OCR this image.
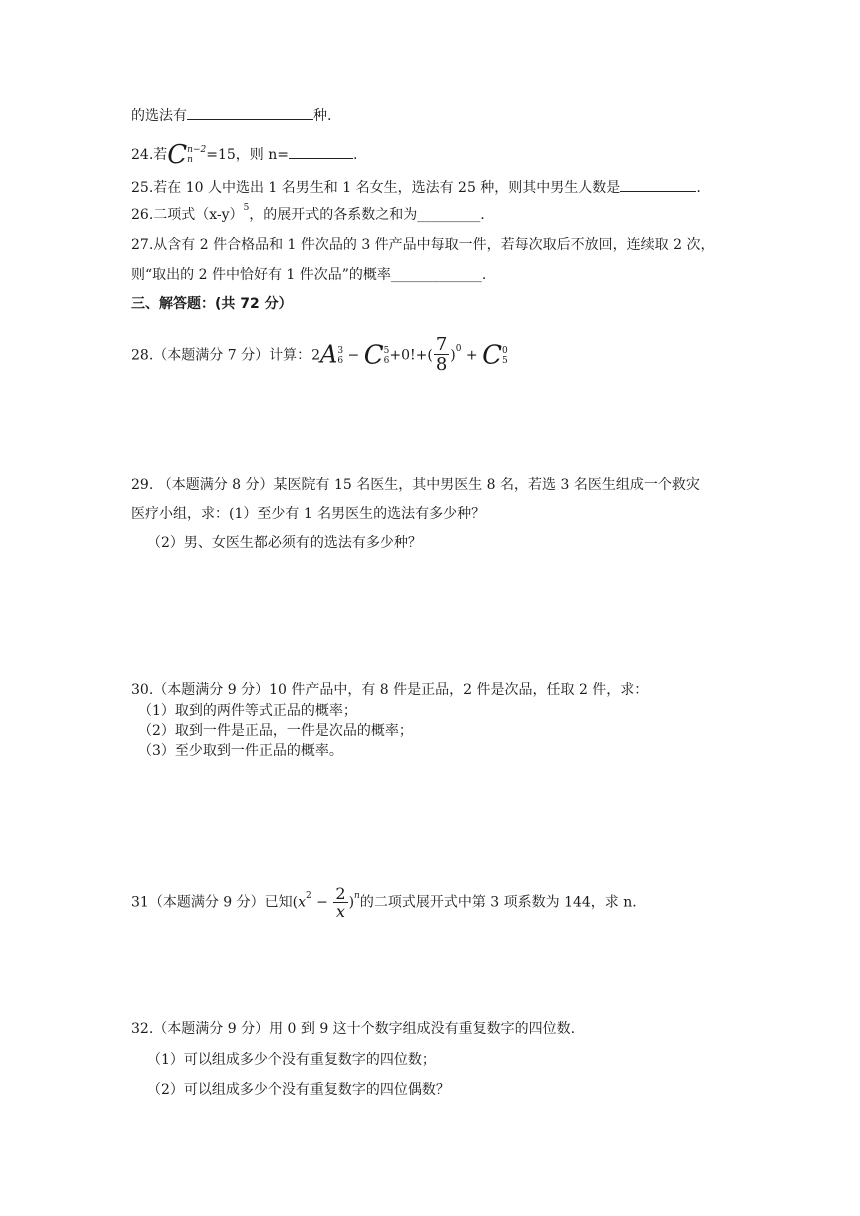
的选法有	种.
24.若C n−2
n =15，则 n=	.
25.若在 10 人中选出 1 名男生和 1 名女生，选法有 25 种，则其中男生人数是	.
26.二项式$(x-y)^5$，的展开式的各系数之和为_________.
27.从含有 2 件合格品和 1 件次品的 3 件产品中每取一件，若每次取后不放回，连续取 2 次，
则“取出的 2 件中恰好有 1 件次品”的概率_____________.
三、解答题：(共 72 分）
28.（本题满分 7 分）计算：2A 3
6 − C 5
$6 +0!+( \frac{7}{8} )^0 + C$ 0
5
29. （本题满分 8 分）某医院有 15 名医生，其中男医生 8 名，若选 3 名医生组成一个救灾
医疗小组，求：(1）至少有 1 名男医生的选法有多少种？
（2）男、女医生都必须有的选法有多少种？
30.（本题满分 9 分）10 件产品中，有 8 件是正品，2 件是次品，任取 2 件，求：
（1）取到的两件等式正品的概率；
（2）取到一件是正品，一件是次品的概率；
（3）至少取到一件正品的概率。
31（本题满分 9 分）已知$(x^2 - \frac{2}{x} )^n$的二项式展开式中第 3 项系数为 144，求 n.
32.（本题满分 9 分）用 0 到 9 这十个数字组成没有重复数字的四位数.
（1）可以组成多少个没有重复数字的四位数；
（2）可以组成多少个没有重复数字的四位偶数？
